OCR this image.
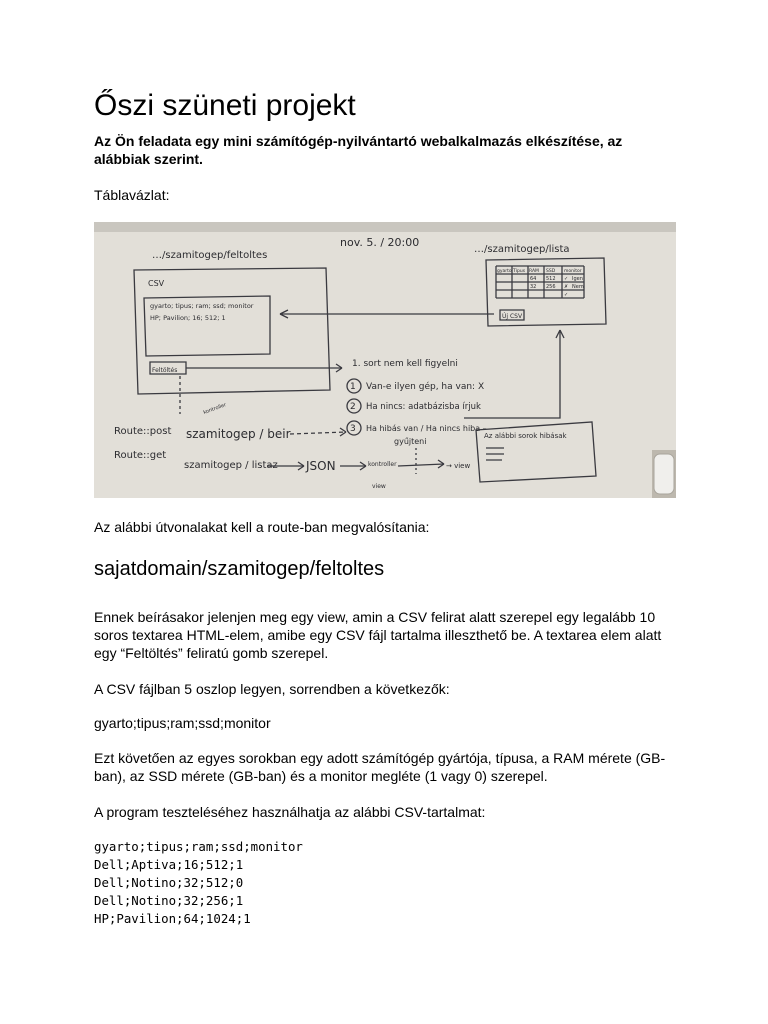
Őszi szüneti projekt

Az Ön feladata egy mini számítógép-nyilvántartó webalkalmazás elkészítése, az alábbiak szerint.

Táblavázlat:

nov. 5. / 20:00
…/szamitogep/feltoltes
…/szamitogep/lista
CSV
gyarto; tipus; ram; ssd; monitor
HP; Pavilion; 16; 512; 1
Feltöltés
gyarto Típus RAM SSD monitor
64 512 ✓ Igen
32 256 ✗ Nem
✓
Új CSV
1. sort nem kell figyelni
1
2
3
Van-e ilyen gép, ha van: X
Ha nincs: adatbázisba írjuk
Ha hibás van / Ha nincs hiba –
gyűjteni
Az alábbi sorok hibásak
kontroller
Route::post
Route::get
szamitogep / beir
szamitogep / listaz JSON	kontroller
view
→ view

Az alábbi útvonalakat kell a route-ban megvalósítania:

sajatdomain/szamitogep/feltoltes

Ennek beírásakor jelenjen meg egy view, amin a CSV felirat alatt szerepel egy legalább 10 soros textarea HTML-elem, amibe egy CSV fájl tartalma illeszthető be. A textarea elem alatt egy “Feltöltés” feliratú gomb szerepel.

A CSV fájlban 5 oszlop legyen, sorrendben a következők:

gyarto;tipus;ram;ssd;monitor

Ezt követően az egyes sorokban egy adott számítógép gyártója, típusa, a RAM mérete (GB-ban), az SSD mérete (GB-ban) és a monitor megléte (1 vagy 0) szerepel.

A program teszteléséhez használhatja az alábbi CSV-tartalmat:

gyarto;tipus;ram;ssd;monitor
Dell;Aptiva;16;512;1
Dell;Notino;32;512;0
Dell;Notino;32;256;1
HP;Pavilion;64;1024;1
